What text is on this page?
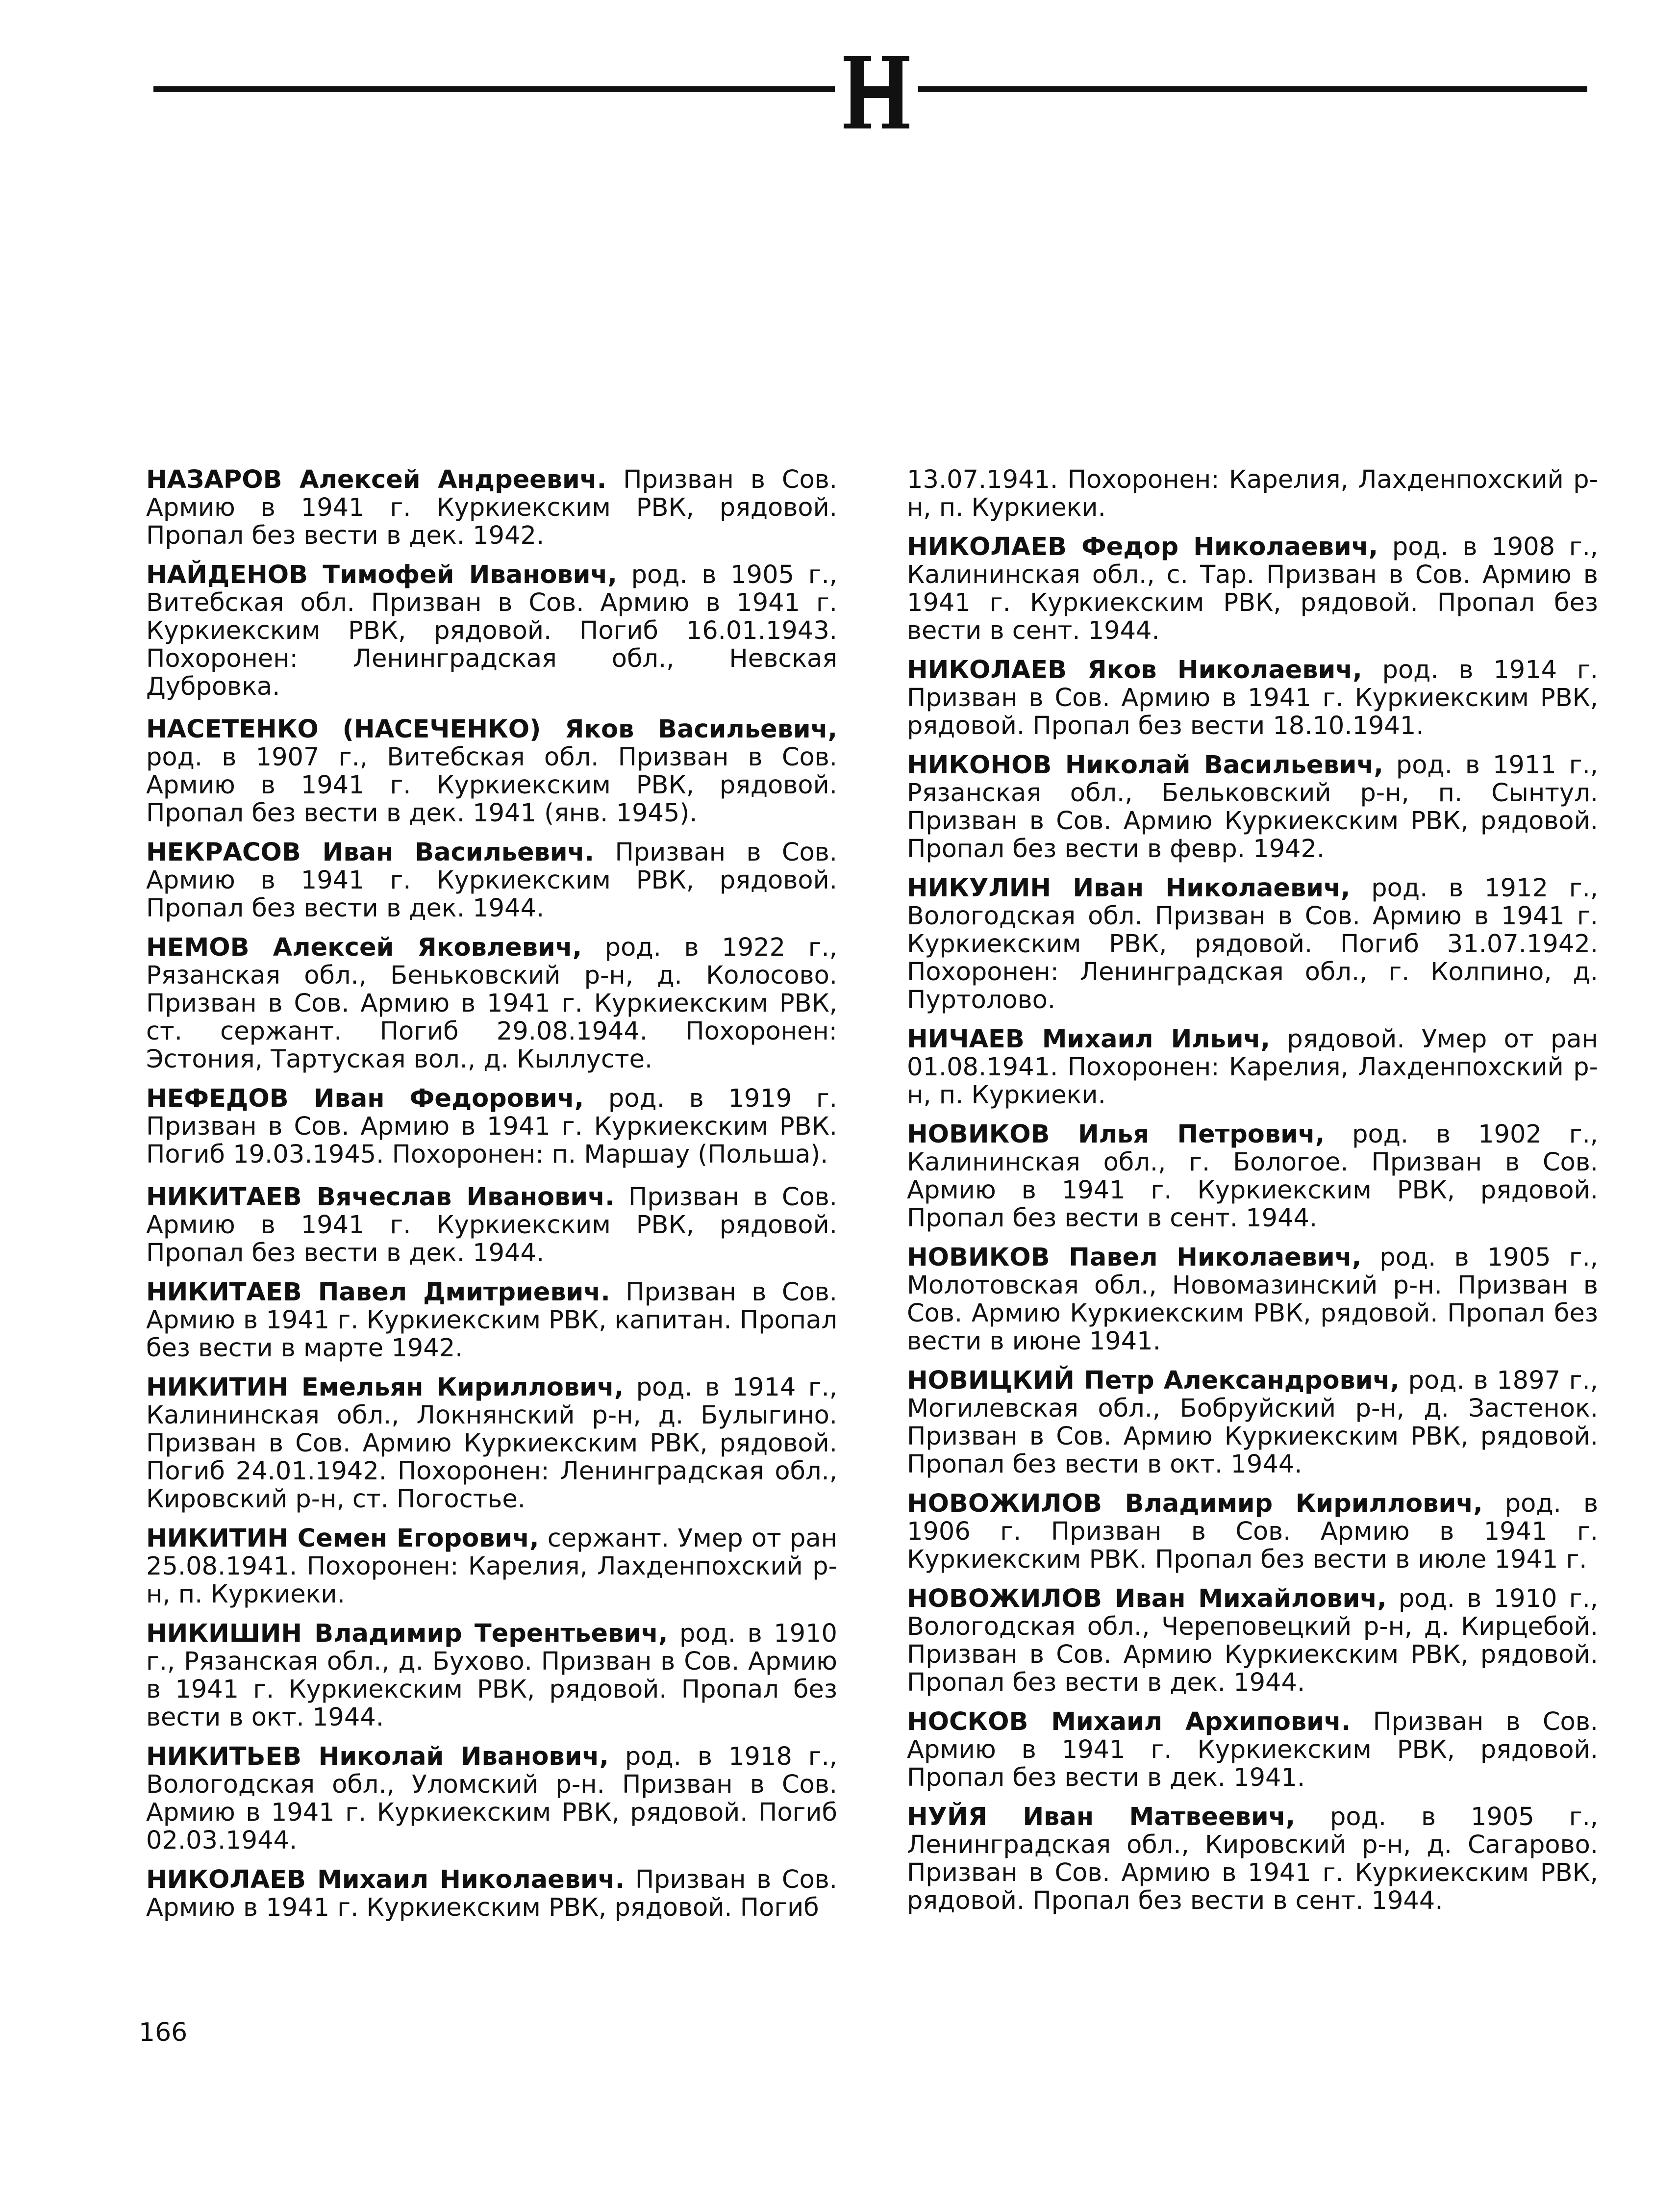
НАЗАРОВ Алексей Андреевич. Призван в Сов. Армию в 1941 г. Куркиекским РВК, рядовой. Пропал без вести в дек. 1942.

НАЙДЕНОВ Тимофей Иванович, род. в 1905 г., Витебская обл. Призван в Сов. Армию в 1941 г. Куркиекским РВК, рядовой. Погиб 16.01.1943. Похоронен: Ленинградская обл., Невская Дубровка.

НАСЕТЕНКО (НАСЕЧЕНКО) Яков Васильевич, род. в 1907 г., Витебская обл. Призван в Сов. Армию в 1941 г. Куркиекским РВК, рядовой. Пропал без вести в дек. 1941 (янв. 1945).

НЕКРАСОВ Иван Васильевич. Призван в Сов. Армию в 1941 г. Куркиекским РВК, рядовой. Пропал без вести в дек. 1944.

НЕМОВ Алексей Яковлевич, род. в 1922 г., Рязанская обл., Беньковский р-н, д. Колосово. Призван в Сов. Армию в 1941 г. Куркиекским РВК, ст. сержант. Погиб 29.08.1944. Похоронен: Эстония, Тартуская вол., д. Кыллусте.

НЕФЕДОВ Иван Федорович, род. в 1919 г. Призван в Сов. Армию в 1941 г. Куркиекским РВК. Погиб 19.03.1945. Похоронен: п. Маршау (Польша).

НИКИТАЕВ Вячеслав Иванович. Призван в Сов. Армию в 1941 г. Куркиекским РВК, рядовой. Пропал без вести в дек. 1944.

НИКИТАЕВ Павел Дмитриевич. Призван в Сов. Армию в 1941 г. Куркиекским РВК, капитан. Пропал без вести в марте 1942.

НИКИТИН Емельян Кириллович, род. в 1914 г., Калининская обл., Локнянский р-н, д. Булыгино. Призван в Сов. Армию Куркиекским РВК, рядовой. Погиб 24.01.1942. Похоронен: Ленинградская обл., Кировский р-н, ст. Погостье.

НИКИТИН Семен Егорович, сержант. Умер от ран 25.08.1941. Похоронен: Карелия, Лахденпохский р-н, п. Куркиеки.

НИКИШИН Владимир Терентьевич, род. в 1910 г., Рязанская обл., д. Бухово. Призван в Сов. Армию в 1941 г. Куркиекским РВК, рядовой. Пропал без вести в окт. 1944.

НИКИТЬЕВ Николай Иванович, род. в 1918 г., Вологодская обл., Уломский р-н. Призван в Сов. Армию в 1941 г. Куркиекским РВК, рядовой. Погиб 02.03.1944.

НИКОЛАЕВ Михаил Николаевич. Призван в Сов. Армию в 1941 г. Куркиекским РВК, рядовой. Погиб

13.07.1941. Похоронен: Карелия, Лахденпохский р-н, п. Куркиеки.

НИКОЛАЕВ Федор Николаевич, род. в 1908 г., Калининская обл., с. Тар. Призван в Сов. Армию в 1941 г. Куркиекским РВК, рядовой. Пропал без вести в сент. 1944.

НИКОЛАЕВ Яков Николаевич, род. в 1914 г. Призван в Сов. Армию в 1941 г. Куркиекским РВК, рядовой. Пропал без вести 18.10.1941.

НИКОНОВ Николай Васильевич, род. в 1911 г., Рязанская обл., Бельковский р-н, п. Сынтул. Призван в Сов. Армию Куркиекским РВК, рядовой. Пропал без вести в февр. 1942.

НИКУЛИН Иван Николаевич, род. в 1912 г., Вологодская обл. Призван в Сов. Армию в 1941 г. Куркиекским РВК, рядовой. Погиб 31.07.1942. Похоронен: Ленинградская обл., г. Колпино, д. Пуртолово.

НИЧАЕВ Михаил Ильич, рядовой. Умер от ран 01.08.1941. Похоронен: Карелия, Лахденпохский р-н, п. Куркиеки.

НОВИКОВ Илья Петрович, род. в 1902 г., Калининская обл., г. Бологое. Призван в Сов. Армию в 1941 г. Куркиекским РВК, рядовой. Пропал без вести в сент. 1944.

НОВИКОВ Павел Николаевич, род. в 1905 г., Молотовская обл., Новомазинский р-н. Призван в Сов. Армию Куркиекским РВК, рядовой. Пропал без вести в июне 1941.

НОВИЦКИЙ Петр Александрович, род. в 1897 г., Могилевская обл., Бобруйский р-н, д. Застенок. Призван в Сов. Армию Куркиекским РВК, рядовой. Пропал без вести в окт. 1944.

НОВОЖИЛОВ Владимир Кириллович, род. в 1906 г. Призван в Сов. Армию в 1941 г. Куркиекским РВК. Пропал без вести в июле 1941 г.

НОВОЖИЛОВ Иван Михайлович, род. в 1910 г., Вологодская обл., Череповецкий р-н, д. Кирцебой. Призван в Сов. Армию Куркиекским РВК, рядовой. Пропал без вести в дек. 1944.

НОСКОВ Михаил Архипович. Призван в Сов. Армию в 1941 г. Куркиекским РВК, рядовой. Пропал без вести в дек. 1941.

НУЙЯ Иван Матвеевич, род. в 1905 г., Ленинградская обл., Кировский р-н, д. Сагарово. Призван в Сов. Армию в 1941 г. Куркиекским РВК, рядовой. Пропал без вести в сент. 1944.

166
